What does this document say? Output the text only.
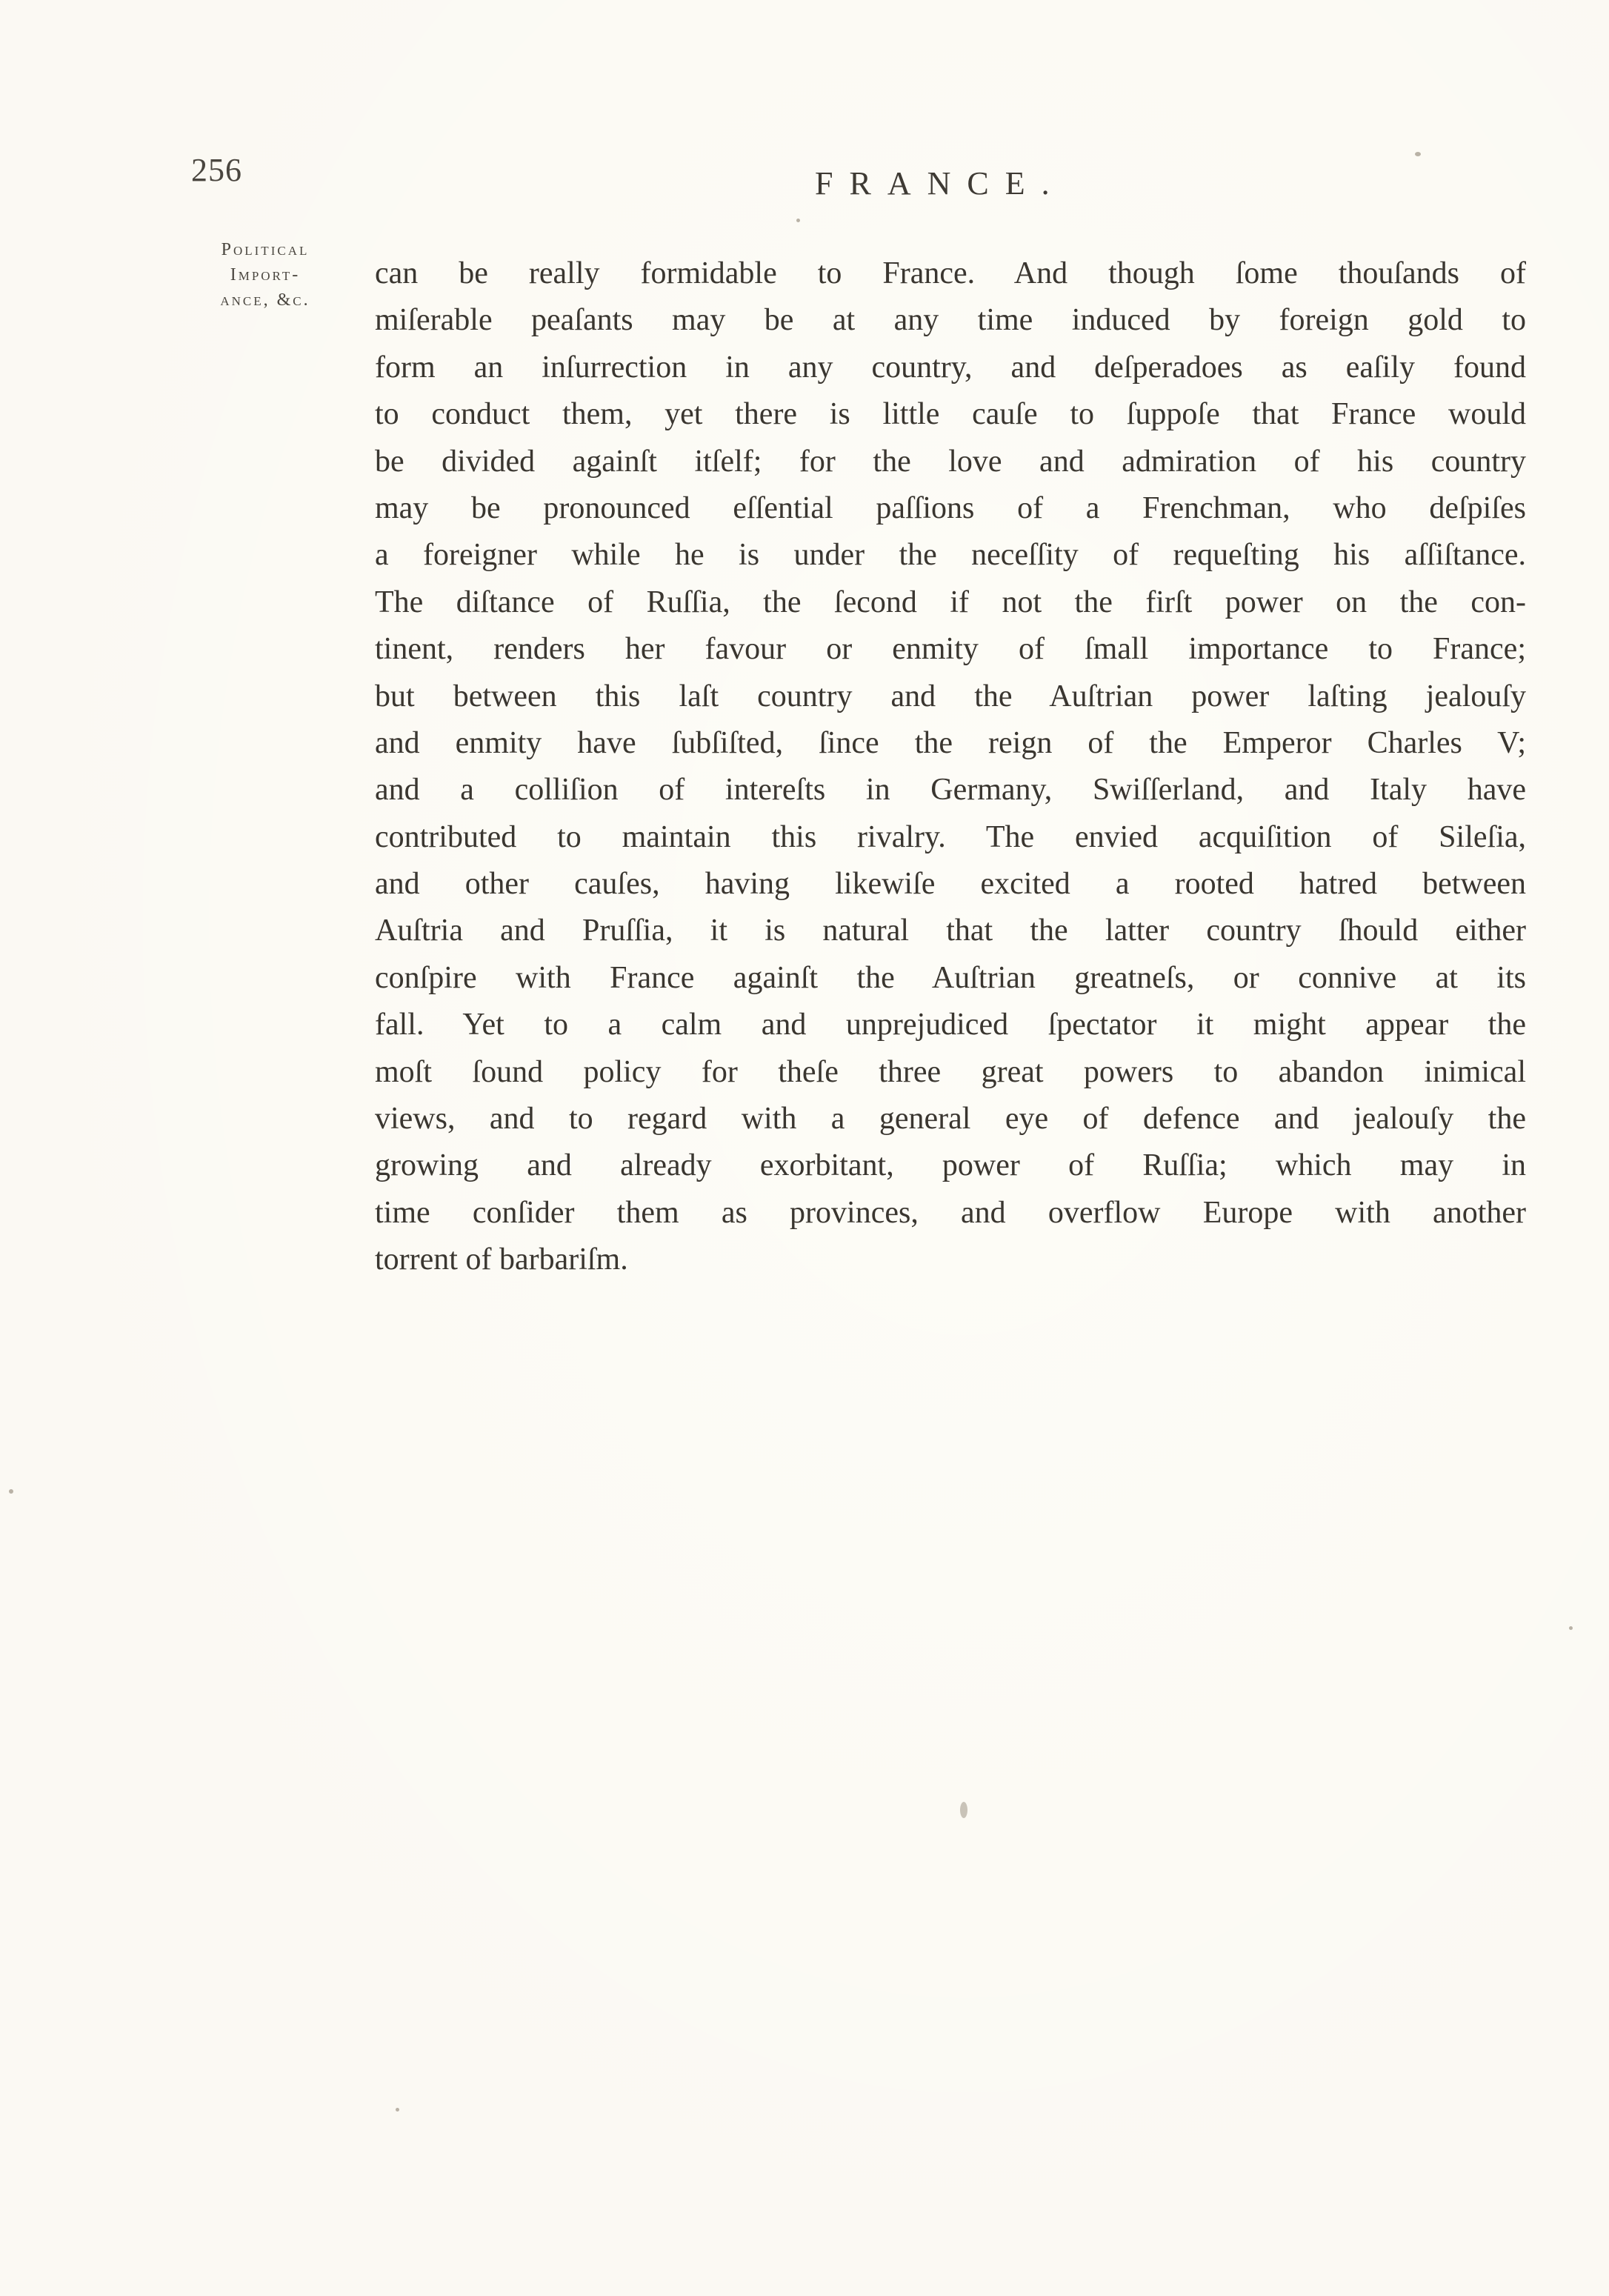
256	FRANCE.
Political
Import-
ance, &c.
can be really formidable to France. And though ſome thouſands of
miſerable peaſants may be at any time induced by foreign gold to
form an inſurrection in any country, and deſperadoes as eaſily found
to conduct them, yet there is little cauſe to ſuppoſe that France would
be divided againſt itſelf; for the love and admiration of his country
may be pronounced eſſential paſſions of a Frenchman, who deſpiſes
a foreigner while he is under the neceſſity of requeſting his aſſiſtance.
The diſtance of Ruſſia, the ſecond if not the firſt power on the con-
tinent, renders her favour or enmity of ſmall importance to France;
but between this laſt country and the Auſtrian power laſting jealouſy
and enmity have ſubſiſted, ſince the reign of the Emperor Charles V;
and a colliſion of intereſts in Germany, Swiſſerland, and Italy have
contributed to maintain this rivalry. The envied acquiſition of Sileſia,
and other cauſes, having likewiſe excited a rooted hatred between
Auſtria and Pruſſia, it is natural that the latter country ſhould either
conſpire with France againſt the Auſtrian greatneſs, or connive at its
fall. Yet to a calm and unprejudiced ſpectator it might appear the
moſt ſound policy for theſe three great powers to abandon inimical
views, and to regard with a general eye of defence and jealouſy the
growing and already exorbitant, power of Ruſſia; which may in
time conſider them as provinces, and overflow Europe with another
torrent of barbariſm.
